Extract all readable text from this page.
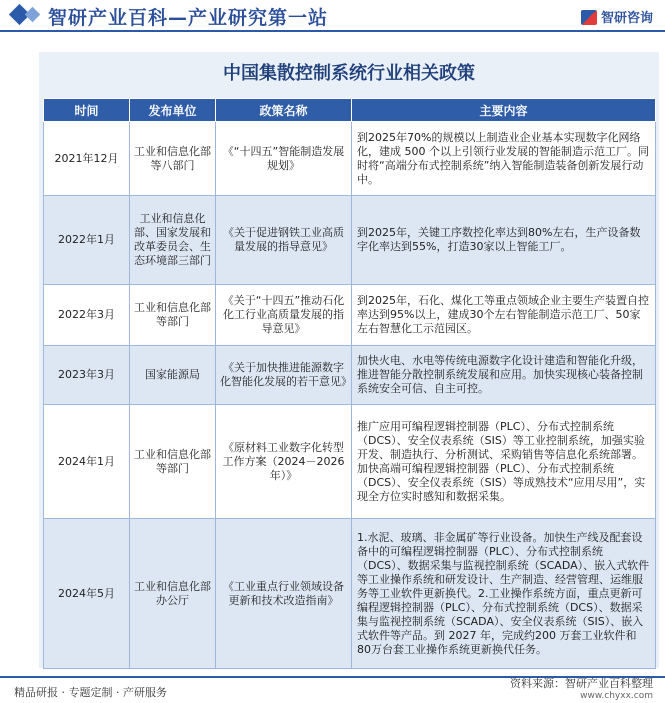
智研产业百科—产业研究第一站	智研咨询
中国集散控制系统行业相关政策
时间	发布单位	政策名称	主要内容
2021年12月	工业和信息化部等八部门	《“十四五”智能制造发展规划》	到2025年70%的规模以上制造业企业基本实现数字化网络化，建成 500 个以上引领行业发展的智能制造示范工厂。同时将“高端分布式控制系统”纳入智能制造装备创新发展行动中。
2022年1月	工业和信息化部、国家发展和改革委员会、生态环境部三部门	《关于促进钢铁工业高质量发展的指导意见》	到2025年，关键工序数控化率达到80%左右，生产设备数字化率达到55%，打造30家以上智能工厂。
2022年3月	工业和信息化部等部门	《关于“十四五”推动石化化工行业高质量发展的指导意见》	到2025年，石化、煤化工等重点领域企业主要生产装置自控率达到95%以上，建成30个左右智能制造示范工厂、50家左右智慧化工示范园区。
2023年3月	国家能源局	《关于加快推进能源数字化智能化发展的若干意见》	加快火电、水电等传统电源数字化设计建造和智能化升级，推进智能分散控制系统发展和应用。加快实现核心装备控制系统安全可信、自主可控。
2024年1月	工业和信息化部等部门	《原材料工业数字化转型工作方案（2024－2026年）》	推广应用可编程逻辑控制器（PLC）、分布式控制系统（DCS）、安全仪表系统（SIS）等工业控制系统，加强实验开发、制造执行、分析测试、采购销售等信息化系统部署。加快高端可编程逻辑控制器（PLC）、分布式控制系统（DCS）、安全仪表系统（SIS）等成熟技术“应用尽用”，实现全方位实时感知和数据采集。
2024年5月	工业和信息化部办公厅	《工业重点行业领域设备更新和技术改造指南》	1.水泥、玻璃、非金属矿等行业设备。加快生产线及配套设备中的可编程逻辑控制器（PLC）、分布式控制系统（DCS）、数据采集与监视控制系统（SCADA）、嵌入式软件等工业操作系统和研发设计、生产制造、经营管理、运维服务等工业软件更新换代。2.工业操作系统方面，重点更新可编程逻辑控制器（PLC）、分布式控制系统（DCS）、数据采集与监视控制系统（SCADA）、安全仪表系统（SIS）、嵌入式软件等产品。到 2027 年，完成约200 万套工业软件和80万台套工业操作系统更新换代任务。
精品研报 · 专题定制 · 产研服务
资料来源：智研产业百科整理
www.chyxx.com
